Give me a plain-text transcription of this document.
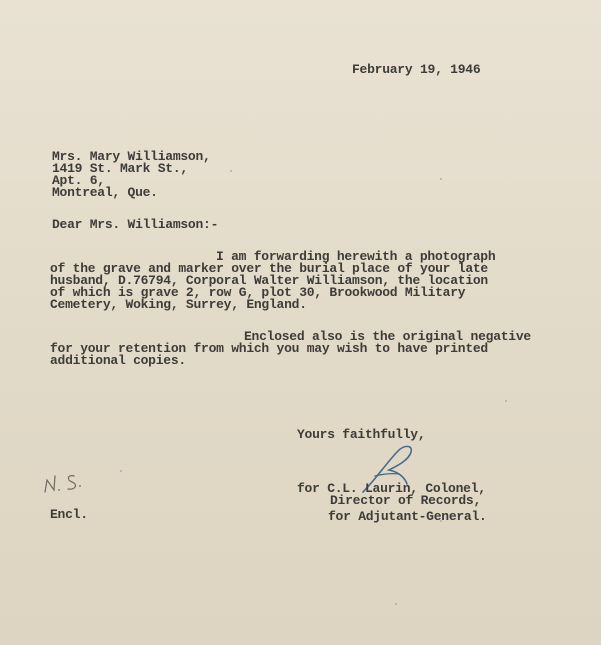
February 19, 1946
Mrs. Mary Williamson,
1419 St. Mark St.,
Apt. 6,
Montreal, Que.
Dear Mrs. Williamson:-
I am forwarding herewith a photograph
of the grave and marker over the burial place of your late
husband, D.76794, Corporal Walter Williamson, the location
of which is grave 2, row G, plot 30, Brookwood Military
Cemetery, Woking, Surrey, England.
Enclosed also is the original negative
for your retention from which you may wish to have printed
additional copies.
Yours faithfully,
for C.L. Laurin, Colonel,
Director of Records,
for Adjutant-General.
Encl.
